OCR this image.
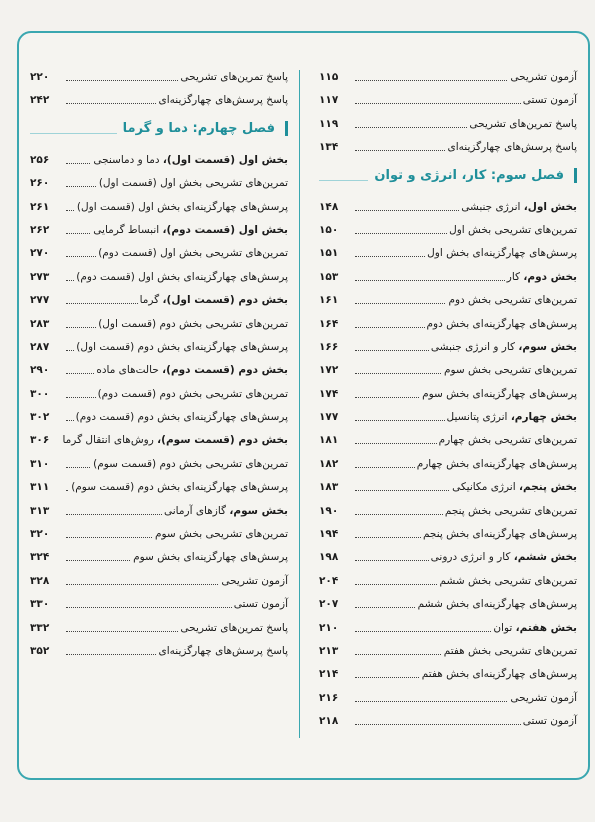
آزمون تشریحی
۱۱۵
آزمون تستی
۱۱۷
پاسخ تمرین‌های تشریحی
۱۱۹
پاسخ پرسش‌های چهارگزینه‌ای
۱۳۴
فصل سوم: کار، انرژی و توان
بخش اول، انرژی جنبشی
۱۴۸
تمرین‌های تشریحی بخش اول
۱۵۰
پرسش‌های چهارگزینه‌ای بخش اول
۱۵۱
بخش دوم، کار
۱۵۳
تمرین‌های تشریحی بخش دوم
۱۶۱
پرسش‌های چهارگزینه‌ای بخش دوم
۱۶۴
بخش سوم، کار و انرژی جنبشی
۱۶۶
تمرین‌های تشریحی بخش سوم
۱۷۲
پرسش‌های چهارگزینه‌ای بخش سوم
۱۷۴
بخش چهارم، انرژی پتانسیل
۱۷۷
تمرین‌های تشریحی بخش چهارم
۱۸۱
پرسش‌های چهارگزینه‌ای بخش چهارم
۱۸۲
بخش پنجم، انرژی مکانیکی
۱۸۳
تمرین‌های تشریحی بخش پنجم
۱۹۰
پرسش‌های چهارگزینه‌ای بخش پنجم
۱۹۴
بخش ششم، کار و انرژی درونی
۱۹۸
تمرین‌های تشریحی بخش ششم
۲۰۴
پرسش‌های چهارگزینه‌ای بخش ششم
۲۰۷
بخش هفتم، توان
۲۱۰
تمرین‌های تشریحی بخش هفتم
۲۱۳
پرسش‌های چهارگزینه‌ای بخش هفتم
۲۱۴
آزمون تشریحی
۲۱۶
آزمون تستی
۲۱۸
پاسخ تمرین‌های تشریحی
۲۲۰
پاسخ پرسش‌های چهارگزینه‌ای
۲۴۲
فصل چهارم: دما و گرما
بخش اول (قسمت اول)، دما و دماسنجی
۲۵۶
تمرین‌های تشریحی بخش اول (قسمت اول)
۲۶۰
پرسش‌های چهارگزینه‌ای بخش اول (قسمت اول)
۲۶۱
بخش اول (قسمت دوم)، انبساط گرمایی
۲۶۲
تمرین‌های تشریحی بخش اول (قسمت دوم)
۲۷۰
پرسش‌های چهارگزینه‌ای بخش اول (قسمت دوم)
۲۷۳
بخش دوم (قسمت اول)، گرما
۲۷۷
تمرین‌های تشریحی بخش دوم (قسمت اول)
۲۸۳
پرسش‌های چهارگزینه‌ای بخش دوم (قسمت اول)
۲۸۷
بخش دوم (قسمت دوم)، حالت‌های ماده
۲۹۰
تمرین‌های تشریحی بخش دوم (قسمت دوم)
۳۰۰
پرسش‌های چهارگزینه‌ای بخش دوم (قسمت دوم)
۳۰۲
بخش دوم (قسمت سوم)، روش‌های انتقال گرما
۳۰۶
تمرین‌های تشریحی بخش دوم (قسمت سوم)
۳۱۰
پرسش‌های چهارگزینه‌ای بخش دوم (قسمت سوم)
۳۱۱
بخش سوم، گازهای آرمانی
۳۱۳
تمرین‌های تشریحی بخش سوم
۳۲۰
پرسش‌های چهارگزینه‌ای بخش سوم
۳۲۴
آزمون تشریحی
۳۲۸
آزمون تستی
۳۳۰
پاسخ تمرین‌های تشریحی
۳۳۲
پاسخ پرسش‌های چهارگزینه‌ای
۳۵۲
